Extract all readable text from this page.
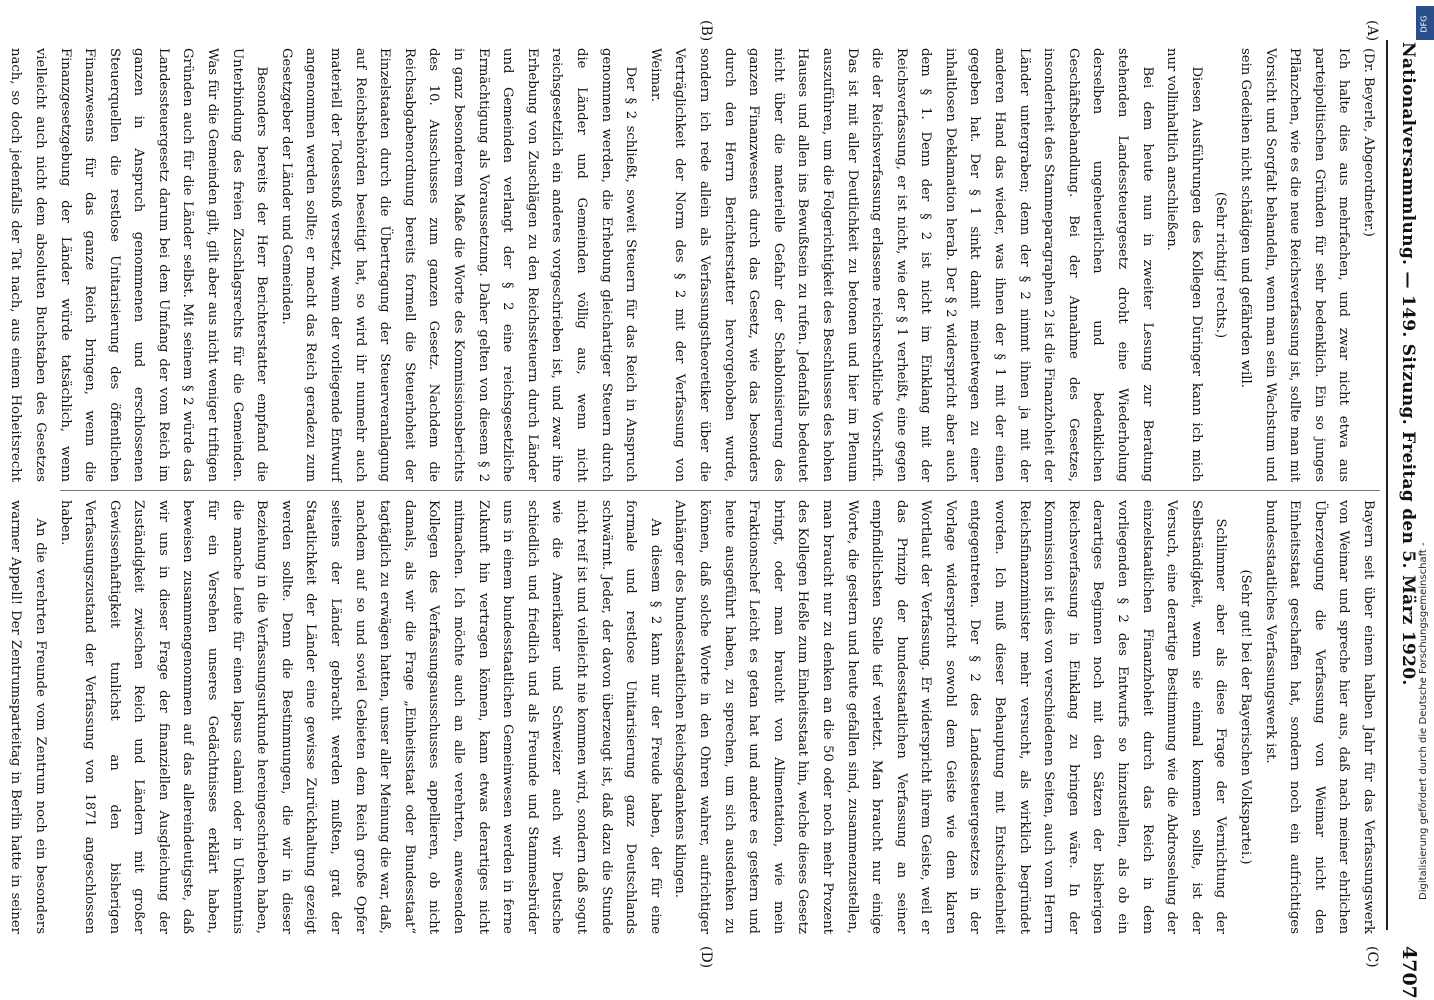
Nationalversammlung. — 149. Sitzung. Freitag den 5. März 1920.
4707
(A)
(B)
(C)
(D)

(Dr. Beyerle, Abgeordneter.)

Ich halte dies aus mehrfachen, und zwar nicht etwa aus parteipolitischen Gründen für sehr bedenklich. Ein so junges Pflänzchen, wie es die neue Reichsverfassung ist, sollte man mit Vorsicht und Sorgfalt behandeln, wenn man sein Wachstum und sein Gedeihen nicht schädigen und gefährden will.

(Sehr richtig! rechts.)

Diesen Ausführungen des Kollegen Düringer kann ich mich nur vollinhaltlich anschließen.

Bei dem heute nun in zweiter Lesung zur Beratung stehenden Landessteuergesetz droht eine Wiederholung derselben ungeheuerlichen und bedenklichen Geschäftsbehandlung. Bei der Annahme des Gesetzes, insonderheit des Stammeparagraphen 2 ist die Finanzhoheit der Länder untergraben; denn der § 2 nimmt ihnen ja mit der anderen Hand das wieder, was ihnen der § 1 mit der einen gegeben hat. Der § 1 sinkt damit meinetwegen zu einer inhaltlosen Deklamation herab. Der § 2 widerspricht aber auch dem § 1. Denn der § 2 ist nicht im Einklang mit der Reichsverfassung, er ist nicht, wie der § 1 verheißt, eine gegen die der Reichsverfassung erlassene reichsrechtliche Vorschrift. Das ist mit aller Deutlichkeit zu betonen und hier im Plenum auszuführen, um die Folgerichtigkeit des Beschlusses des hohen Hauses und allen ins Bewußtsein zu rufen. Jedenfalls bedeutet nicht über die materielle Gefahr der Schablonisierung des ganzen Finanzwesens durch das Gesetz, wie das besonders durch den Herrn Berichterstatter hervorgehoben wurde, sondern ich rede allein als Verfassungstheoretiker über die Verträglichkeit der Norm des § 2 mit der Verfassung von Weimar.

Der § 2 schließt, soweit Steuern für das Reich in Anspruch genommen werden, die Erhebung gleichartiger Steuern durch die Länder und Gemeinden völlig aus, wenn nicht reichsgesetzlich ein anderes vorgeschrieben ist, und zwar ihre Erhebung von Zuschlägen zu den Reichssteuern durch Länder und Gemeinden verlangt der § 2 eine reichsgesetzliche Ermächtigung als Voraussetzung. Daher gelten von diesem § 2 in ganz besonderem Maße die Worte des Kommissionsberichts des 10. Ausschusses zum ganzen Gesetz. Nachdem die Reichsabgabenordnung bereits formell die Steuerhoheit der Einzelstaaten durch die Übertragung der Steuerveranlagung auf Reichsbehörden beseitigt hat, so wird ihr nunmehr auch materiell der Todesstoß versetzt, wenn der vorliegende Entwurf angenommen werden sollte; er macht das Reich geradezu zum Gesetzgeber der Länder und Gemeinden.

Besonders bereits der Herr Berichterstatter empfand die Unterbindung des freien Zuschlagsrechts für die Gemeinden. Was für die Gemeinden gilt, gilt aber aus nicht weniger triftigen Gründen auch für die Länder selbst. Mit seinem § 2 würde das Landessteuergesetz darum bei dem Umfang der vom Reich im ganzen in Anspruch genommenen und erschlossenen Steuerquellen die restlose Unitarisierung des öffentlichen Finanzwesens für das ganze Reich bringen, wenn die Finanzgesetzgebung der Länder würde tatsächlich, wenn vielleicht auch nicht dem absoluten Buchstaben des Gesetzes nach, so doch jedenfalls der Tat nach, aus einem Hoheitsrecht

Bayern seit über einem halben Jahr für das Verfassungswerk von Weimar und spreche hier aus, daß nach meiner ehrlichen Überzeugung die Verfassung von Weimar nicht den Einheitsstaat geschaffen hat, sondern noch ein aufrichtiges bundesstaatliches Verfassungswerk ist.

(Sehr gut! bei der Bayerischen Volkspartei.)

Schlimmer aber als diese Frage der Vernichtung der Selbständigkeit, wenn sie einmal kommen sollte, ist der Versuch, eine derartige Bestimmung wie die Abdrosselung der einzelstaatlichen Finanzhoheit durch das Reich in dem vorliegenden § 2 des Entwurfs so hinzustellen, als ob ein derartiges Beginnen noch mit den Sätzen der bisherigen Reichsverfassung in Einklang zu bringen wäre. In der Kommission ist dies von verschiedenen Seiten, auch vom Herrn Reichsfinanzminister mehr versucht, als wirklich begründet worden. Ich muß dieser Behauptung mit Entschiedenheit entgegentreten. Der § 2 des Landessteuergesetzes in der Vorlage widerspricht sowohl dem Geiste wie dem klaren Wortlaut der Verfassung. Er widerspricht ihrem Geiste, weil er das Prinzip der bundesstaatlichen Verfassung an seiner empfindlichsten Stelle tief verletzt. Man braucht nur einige Worte, die gestern und heute gefallen sind, zusammenzustellen, man braucht nur zu denken an die 50 oder noch mehr Prozent des Kollegen Heßle zum Einheitsstaat hin, welche dieses Gesetz bringt, oder man braucht von Alimentation, wie mein Fraktionschef Leicht es getan hat und andere es gestern und heute ausgeführt haben, zu sprechen, um sich ausdenken zu können, daß solche Worte in den Ohren wahrer, aufrichtiger Anhänger des bundesstaatlichen Reichsgedankens klingen.

An diesem § 2 kann nur der Freude haben, der für eine formale und restlose Unitarisierung ganz Deutschlands schwärmt. Jeder, der davon überzeugt ist, daß dazu die Stunde nicht reif ist und vielleicht nie kommen wird, sondern daß sogut wie die Amerikaner und Schweizer auch wir Deutsche schiedlich und friedlich und als Freunde und Stammesbrüder uns in einem bundesstaatlichen Gemeinwesen werden in ferne Zukunft hin vertragen können, kann etwas derartiges nicht mitmachen. Ich möchte auch an alle verehrten, anwesenden Kollegen des Verfassungsausschusses appellieren, ob nicht damals, als wir die Frage „Einheitsstaat oder Bundesstaat“ tagtäglich zu erwägen hatten, unser aller Meinung die war, daß, nachdem auf so und soviel Gebieten dem Reich große Opfer seitens der Länder gebracht werden mußten, grat der Staatlichkeit der Länder eine gewisse Zurückhaltung gezeigt werden sollte. Denn die Bestimmungen, die wir in dieser Beziehung in die Verfassungsurkunde hereingeschrieben haben, die manche Leute für einen lapsus calami oder in Unkenntnis für ein Versehen unseres Gedächtnisses erklärt haben, beweisen zusammengenommen auf das allereindeutigste, daß wir uns in dieser Frage der finanziellen Ausgleichung der Zuständigkeit zwischen Reich und Ländern mit großer Gewissenhaftigkeit tunlichst an den bisherigen Verfassungszustand der Verfassung von 1871 angeschlossen haben.

An die verehrten Freunde vom Zentrum noch ein besonders warmer Appell! Der Zentrumsparteitag in Berlin hatte in seiner

Digitalisierung gefördert durch die Deutsche Forschungsgemeinschaft -
DFG
